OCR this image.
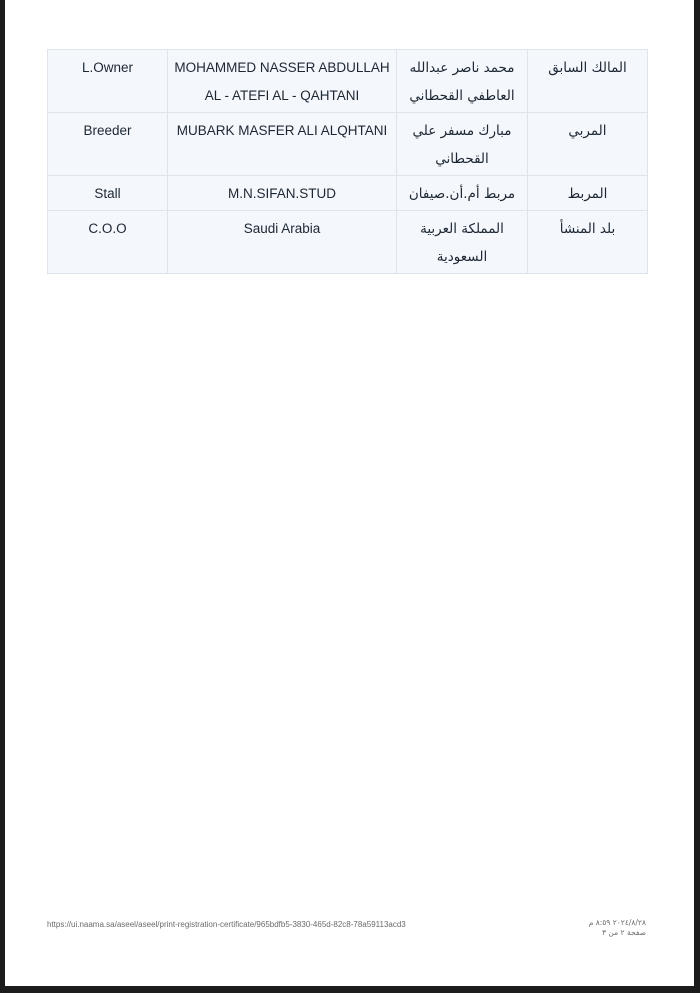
L.Owner	MOHAMMED NASSER ABDULLAH AL - ATEFI AL - QAHTANI	محمد ناصر عبدالله العاطفي القحطاني	المالك السابق
Breeder	MUBARK MASFER ALI ALQHTANI	مبارك مسفر علي القحطاني	المربي
Stall	M.N.SIFAN.STUD	مربط أم.أن.صيفان	المربط
C.O.O	Saudi Arabia	المملكة العربية السعودية	بلد المنشأ
https://ui.naama.sa/aseel/aseel/print-registration-certificate/965bdfb5-3830-465d-82c8-78a59113acd3	٢٠٢٤/٨/٢٨ ٨:٥٩ م
صفحة ٢ من ٣
حراج
